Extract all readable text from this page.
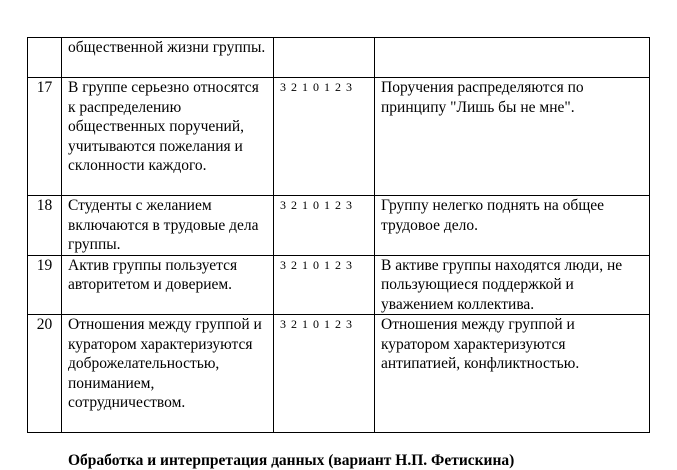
	общественной жизни группы.		
17	В группе серьезно относятся к распределению общественных поручений, учитываются пожелания и склонности каждого.	3 2 1 0 1 2 3	Поручения распределяются по принципу "Лишь бы не мне".
18	Студенты с желанием включаются в трудовые дела группы.	3 2 1 0 1 2 3	Группу нелегко поднять на общее трудовое дело.
19	Актив группы пользуется авторитетом и доверием.	3 2 1 0 1 2 3	В активе группы находятся люди, не пользующиеся поддержкой и уважением коллектива.
20	Отношения между группой и куратором характеризуются доброжелательностью, пониманием, сотрудничеством.	3 2 1 0 1 2 3	Отношения между группой и куратором характеризуются антипатией, конфликтностью.
Обработка и интерпретация данных (вариант Н.П. Фетискина)
